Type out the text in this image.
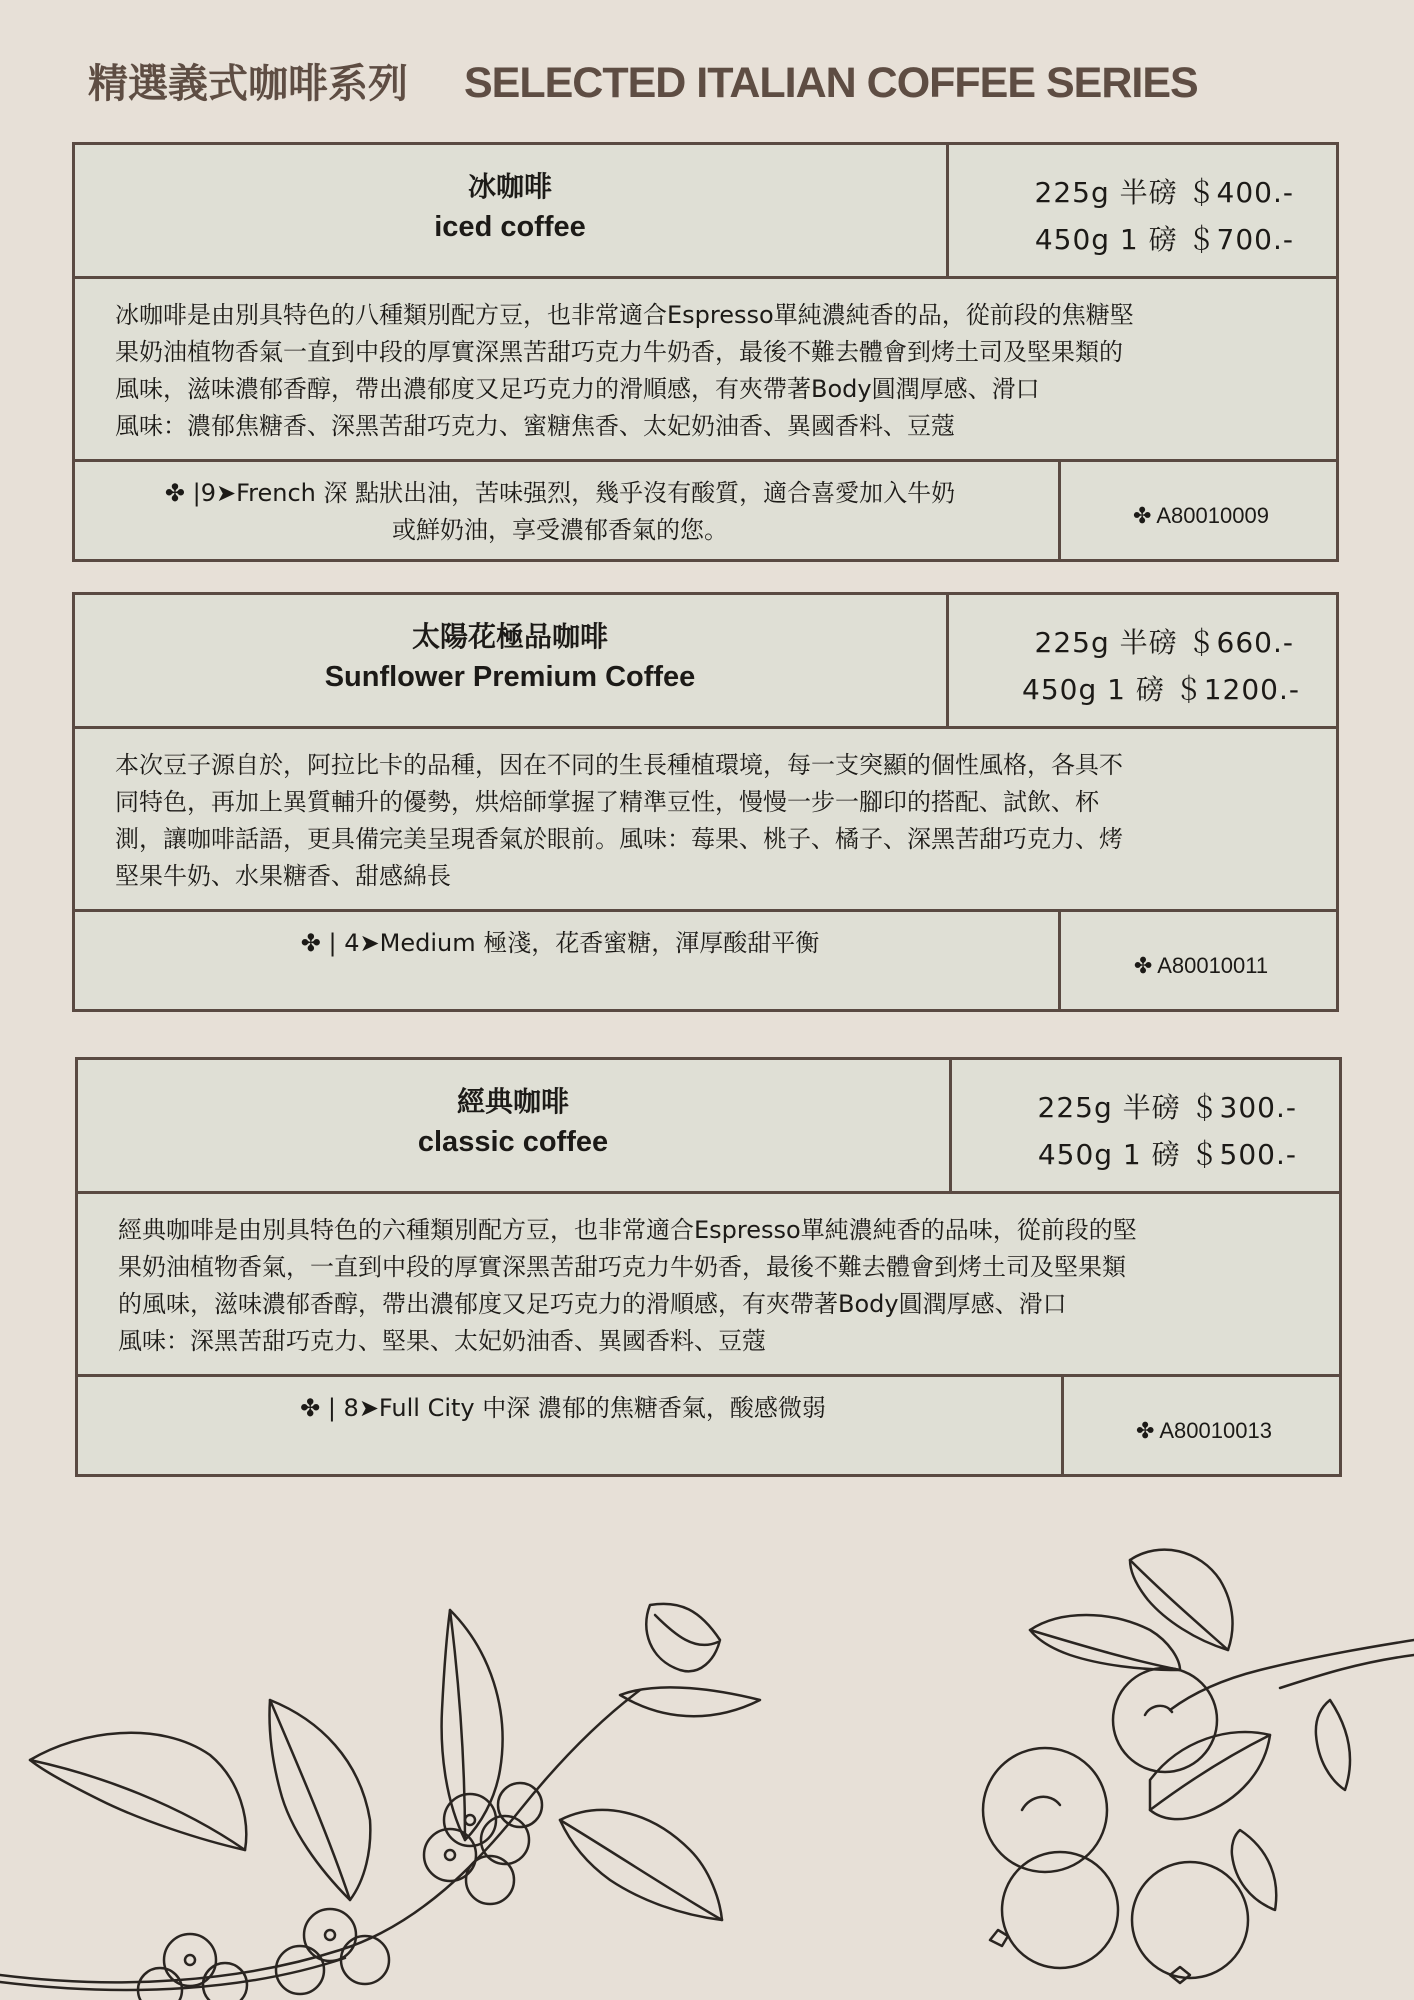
精選義式咖啡系列 SELECTED ITALIAN COFFEE SERIES
冰咖啡
iced coffee
225g 半磅 ＄400.-
450g 1 磅 ＄700.-
冰咖啡是由別具特色的八種類別配方豆，也非常適合Espresso單純濃純香的品，從前段的焦糖堅
果奶油植物香氣一直到中段的厚實深黑苦甜巧克力牛奶香，最後不難去體會到烤土司及堅果類的
風味，滋味濃郁香醇，帶出濃郁度又足巧克力的滑順感，有夾帶著Body圓潤厚感、滑口
風味：濃郁焦糖香、深黑苦甜巧克力、蜜糖焦香、太妃奶油香、異國香料、豆蔻
✤ |9➤French 深 點狀出油，苦味强烈，幾乎沒有酸質，適合喜愛加入牛奶
或鮮奶油，享受濃郁香氣的您。
✤ A80010009
太陽花極品咖啡
Sunflower Premium Coffee
225g 半磅 ＄660.-
450g 1 磅 ＄1200.-
本次豆子源自於，阿拉比卡的品種，因在不同的生長種植環境，每一支突顯的個性風格，各具不
同特色，再加上異質輔升的優勢，烘焙師掌握了精準豆性，慢慢一步一腳印的搭配、試飲、杯
測，讓咖啡話語，更具備完美呈現香氣於眼前。風味：莓果、桃子、橘子、深黑苦甜巧克力、烤
堅果牛奶、水果糖香、甜感綿長
✤ | 4➤Medium 極淺，花香蜜糖，渾厚酸甜平衡
✤ A80010011
經典咖啡
classic coffee
225g 半磅 ＄300.-
450g 1 磅 ＄500.-
經典咖啡是由別具特色的六種類別配方豆，也非常適合Espresso單純濃純香的品味，從前段的堅
果奶油植物香氣，一直到中段的厚實深黑苦甜巧克力牛奶香，最後不難去體會到烤土司及堅果類
的風味，滋味濃郁香醇，帶出濃郁度又足巧克力的滑順感，有夾帶著Body圓潤厚感、滑口
風味：深黑苦甜巧克力、堅果、太妃奶油香、異國香料、豆蔻
✤ | 8➤Full City 中深 濃郁的焦糖香氣，酸感微弱
✤ A80010013
